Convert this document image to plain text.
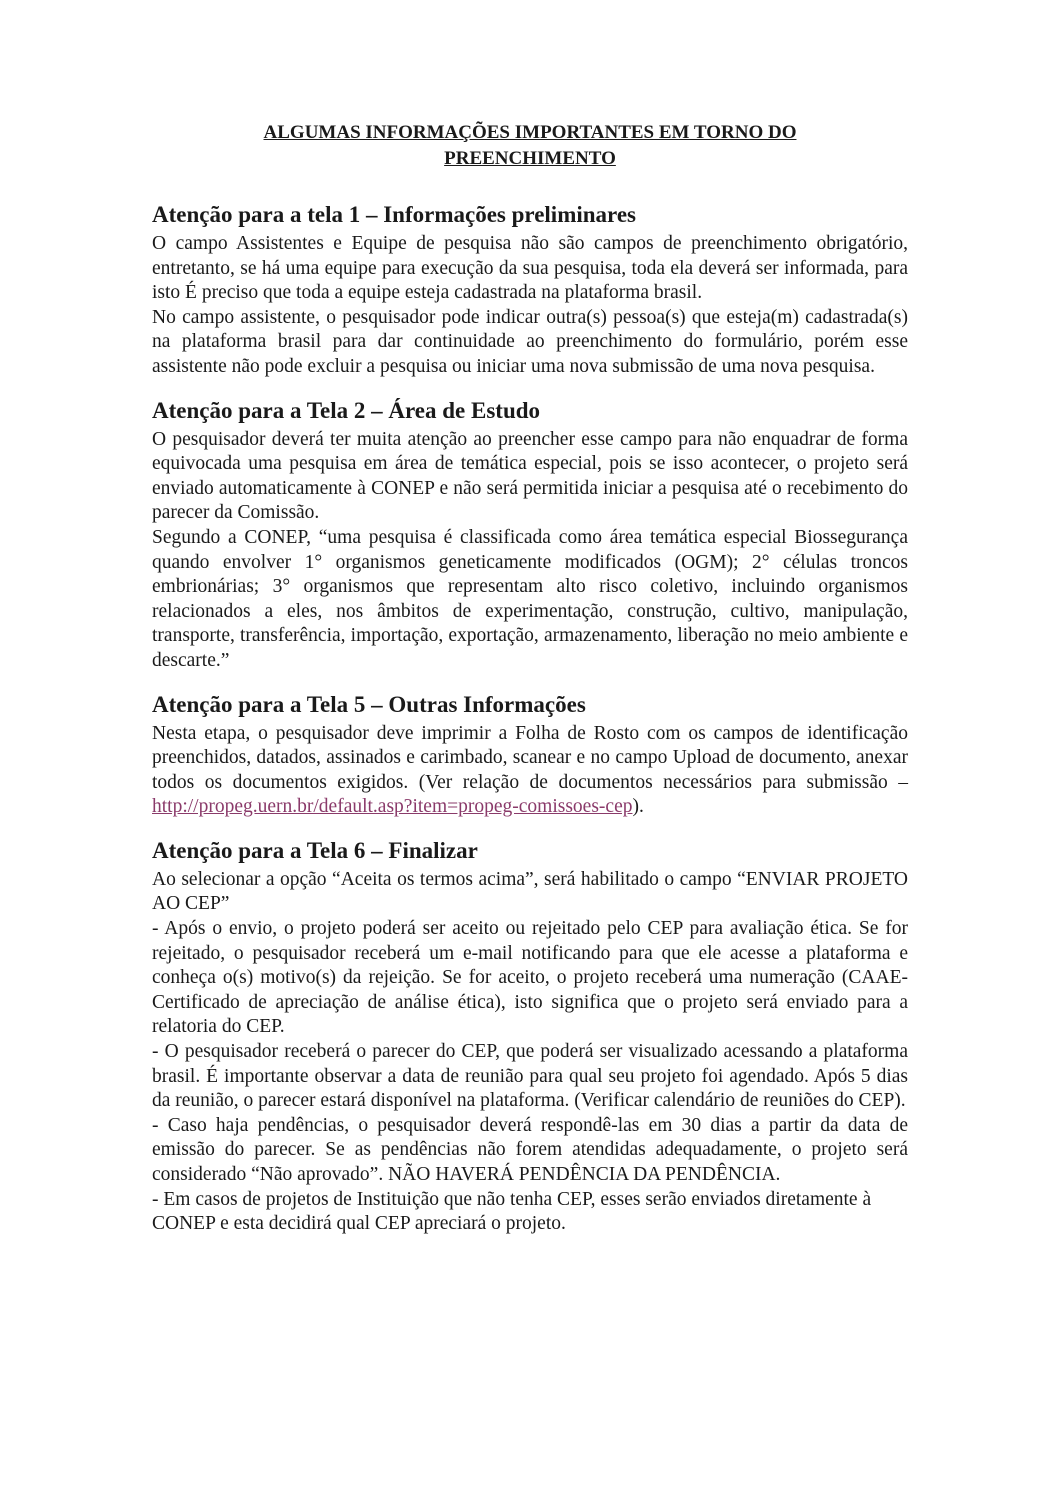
ALGUMAS INFORMAÇÕES IMPORTANTES EM TORNO DO
PREENCHIMENTO
Atenção para a tela 1 – Informações preliminares

O campo Assistentes e Equipe de pesquisa não são campos de preenchimento obrigatório, entretanto, se há uma equipe para execução da sua pesquisa, toda ela deverá ser informada, para isto É preciso que toda a equipe esteja cadastrada na plataforma brasil.

No campo assistente, o pesquisador pode indicar outra(s) pessoa(s) que esteja(m) cadastrada(s) na plataforma brasil para dar continuidade ao preenchimento do formulário, porém esse assistente não pode excluir a pesquisa ou iniciar uma nova submissão de uma nova pesquisa.

Atenção para a Tela 2 – Área de Estudo

O pesquisador deverá ter muita atenção ao preencher esse campo para não enquadrar de forma equivocada uma pesquisa em área de temática especial, pois se isso acontecer, o projeto será enviado automaticamente à CONEP e não será permitida iniciar a pesquisa até o recebimento do parecer da Comissão.

Segundo a CONEP, “uma pesquisa é classificada como área temática especial Biossegurança quando envolver 1° organismos geneticamente modificados (OGM); 2° células troncos embrionárias; 3° organismos que representam alto risco coletivo, incluindo organismos relacionados a eles, nos âmbitos de experimentação, construção, cultivo, manipulação, transporte, transferência, importação, exportação, armazenamento, liberação no meio ambiente e descarte.”

Atenção para a Tela 5 – Outras Informações

Nesta etapa, o pesquisador deve imprimir a Folha de Rosto com os campos de identificação preenchidos, datados, assinados e carimbado, scanear e no campo Upload de documento, anexar todos os documentos exigidos. (Ver relação de documentos necessários para submissão – http://propeg.uern.br/default.asp?item=propeg-comissoes-cep).

Atenção para a Tela 6 – Finalizar

Ao selecionar a opção “Aceita os termos acima”, será habilitado o campo “ENVIAR PROJETO AO CEP”

- Após o envio, o projeto poderá ser aceito ou rejeitado pelo CEP para avaliação ética. Se for rejeitado, o pesquisador receberá um e-mail notificando para que ele acesse a plataforma e conheça o(s) motivo(s) da rejeição. Se for aceito, o projeto receberá uma numeração (CAAE-Certificado de apreciação de análise ética), isto significa que o projeto será enviado para a relatoria do CEP.

- O pesquisador receberá o parecer do CEP, que poderá ser visualizado acessando a plataforma brasil. É importante observar a data de reunião para qual seu projeto foi agendado. Após 5 dias da reunião, o parecer estará disponível na plataforma. (Verificar calendário de reuniões do CEP).

- Caso haja pendências, o pesquisador deverá respondê-las em 30 dias a partir da data de emissão do parecer. Se as pendências não forem atendidas adequadamente, o projeto será considerado “Não aprovado”. NÃO HAVERÁ PENDÊNCIA DA PENDÊNCIA.

- Em casos de projetos de Instituição que não tenha CEP, esses serão enviados diretamente à CONEP e esta decidirá qual CEP apreciará o projeto.
